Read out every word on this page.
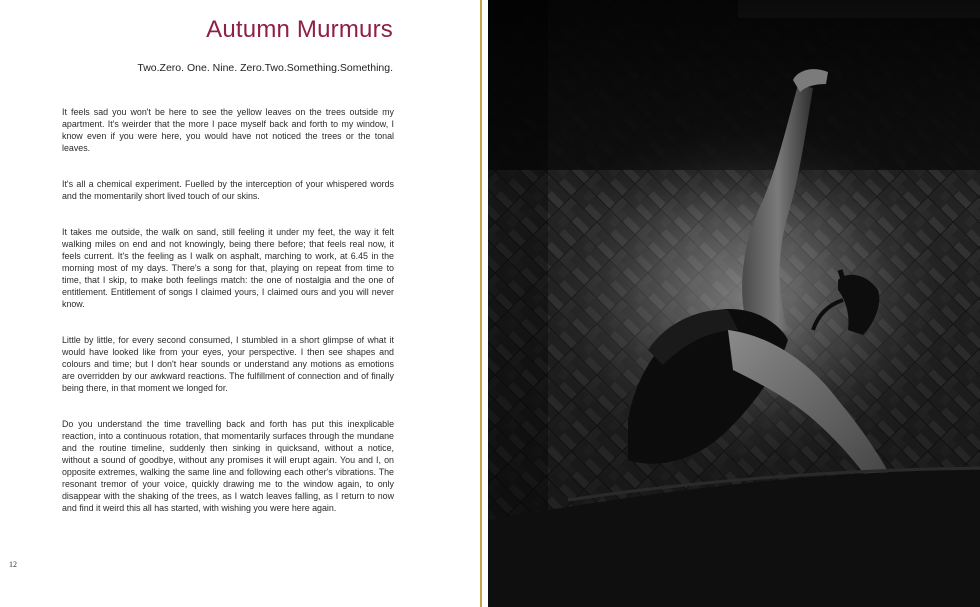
Autumn Murmurs
Two.Zero. One. Nine. Zero.Two.Something.Something.

It feels sad you won't be here to see the yellow leaves on the trees outside my apartment. It's weirder that the more I pace myself back and forth to my window, I know even if you were here, you would have not noticed the trees or the tonal leaves.

It's all a chemical experiment. Fuelled by the interception of your whispered words and the momentarily short lived touch of our skins.

It takes me outside, the walk on sand, still feeling it under my feet, the way it felt walking miles on end and not knowingly, being there before; that feels real now, it feels current. It's the feeling as I walk on asphalt, marching to work, at 6.45 in the morning most of my days. There's a song for that, playing on repeat from time to time, that I skip, to make both feelings match: the one of nostalgia and the one of entitlement. Entitlement of songs I claimed yours, I claimed ours and you will never know.

Little by little, for every second consumed, I stumbled in a short glimpse of what it would have looked like from your eyes, your perspective. I then see shapes and colours and time; but I don't hear sounds or understand any motions as emotions are overridden by our awkward reactions. The fulfillment of connection and of finally being there, in that moment we longed for.

Do you understand the time travelling back and forth has put this inexplicable reaction, into a continuous rotation, that momentarily surfaces through the mundane and the routine timeline, suddenly then sinking in quicksand, without a notice, without a sound of goodbye, without any promises it will erupt again. You and I, on opposite extremes, walking the same line and following each other's vibrations. The resonant tremor of your voice, quickly drawing me to the window again, to only disappear with the shaking of the trees, as I watch leaves falling, as I return to now and find it weird this all has started, with wishing you were here again.

12
